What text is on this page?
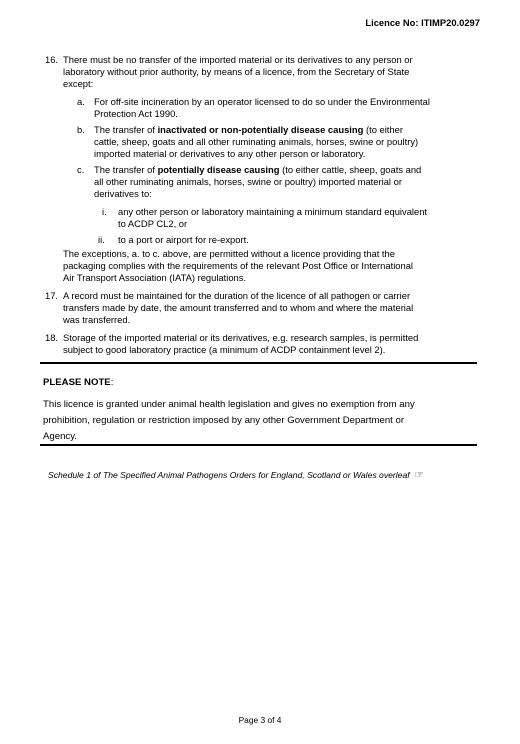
Licence No: ITIMP20.0297
16. There must be no transfer of the imported material or its derivatives to any person or
laboratory without prior authority, by means of a licence, from the Secretary of State
except:
a. For off-site incineration by an operator licensed to do so under the Environmental
Protection Act 1990.
b. The transfer of inactivated or non-potentially disease causing (to either
cattle, sheep, goats and all other ruminating animals, horses, swine or poultry)
imported material or derivatives to any other person or laboratory.
c. The transfer of potentially disease causing (to either cattle, sheep, goats and
all other ruminating animals, horses, swine or poultry) imported material or
derivatives to:
i. any other person or laboratory maintaining a minimum standard equivalent
to ACDP CL2, or
ii. to a port or airport for re-export.
The exceptions, a. to c. above, are permitted without a licence providing that the
packaging complies with the requirements of the relevant Post Office or International
Air Transport Association (IATA) regulations.
17. A record must be maintained for the duration of the licence of all pathogen or carrier
transfers made by date, the amount transferred and to whom and where the material
was transferred.
18. Storage of the imported material or its derivatives, e.g. research samples, is permitted
subject to good laboratory practice (a minimum of ACDP containment level 2).
PLEASE NOTE:
This licence is granted under animal health legislation and gives no exemption from any
prohibition, regulation or restriction imposed by any other Government Department or
Agency.
Schedule 1 of The Specified Animal Pathogens Orders for England, Scotland or Wales overleaf ☞
Page 3 of 4
